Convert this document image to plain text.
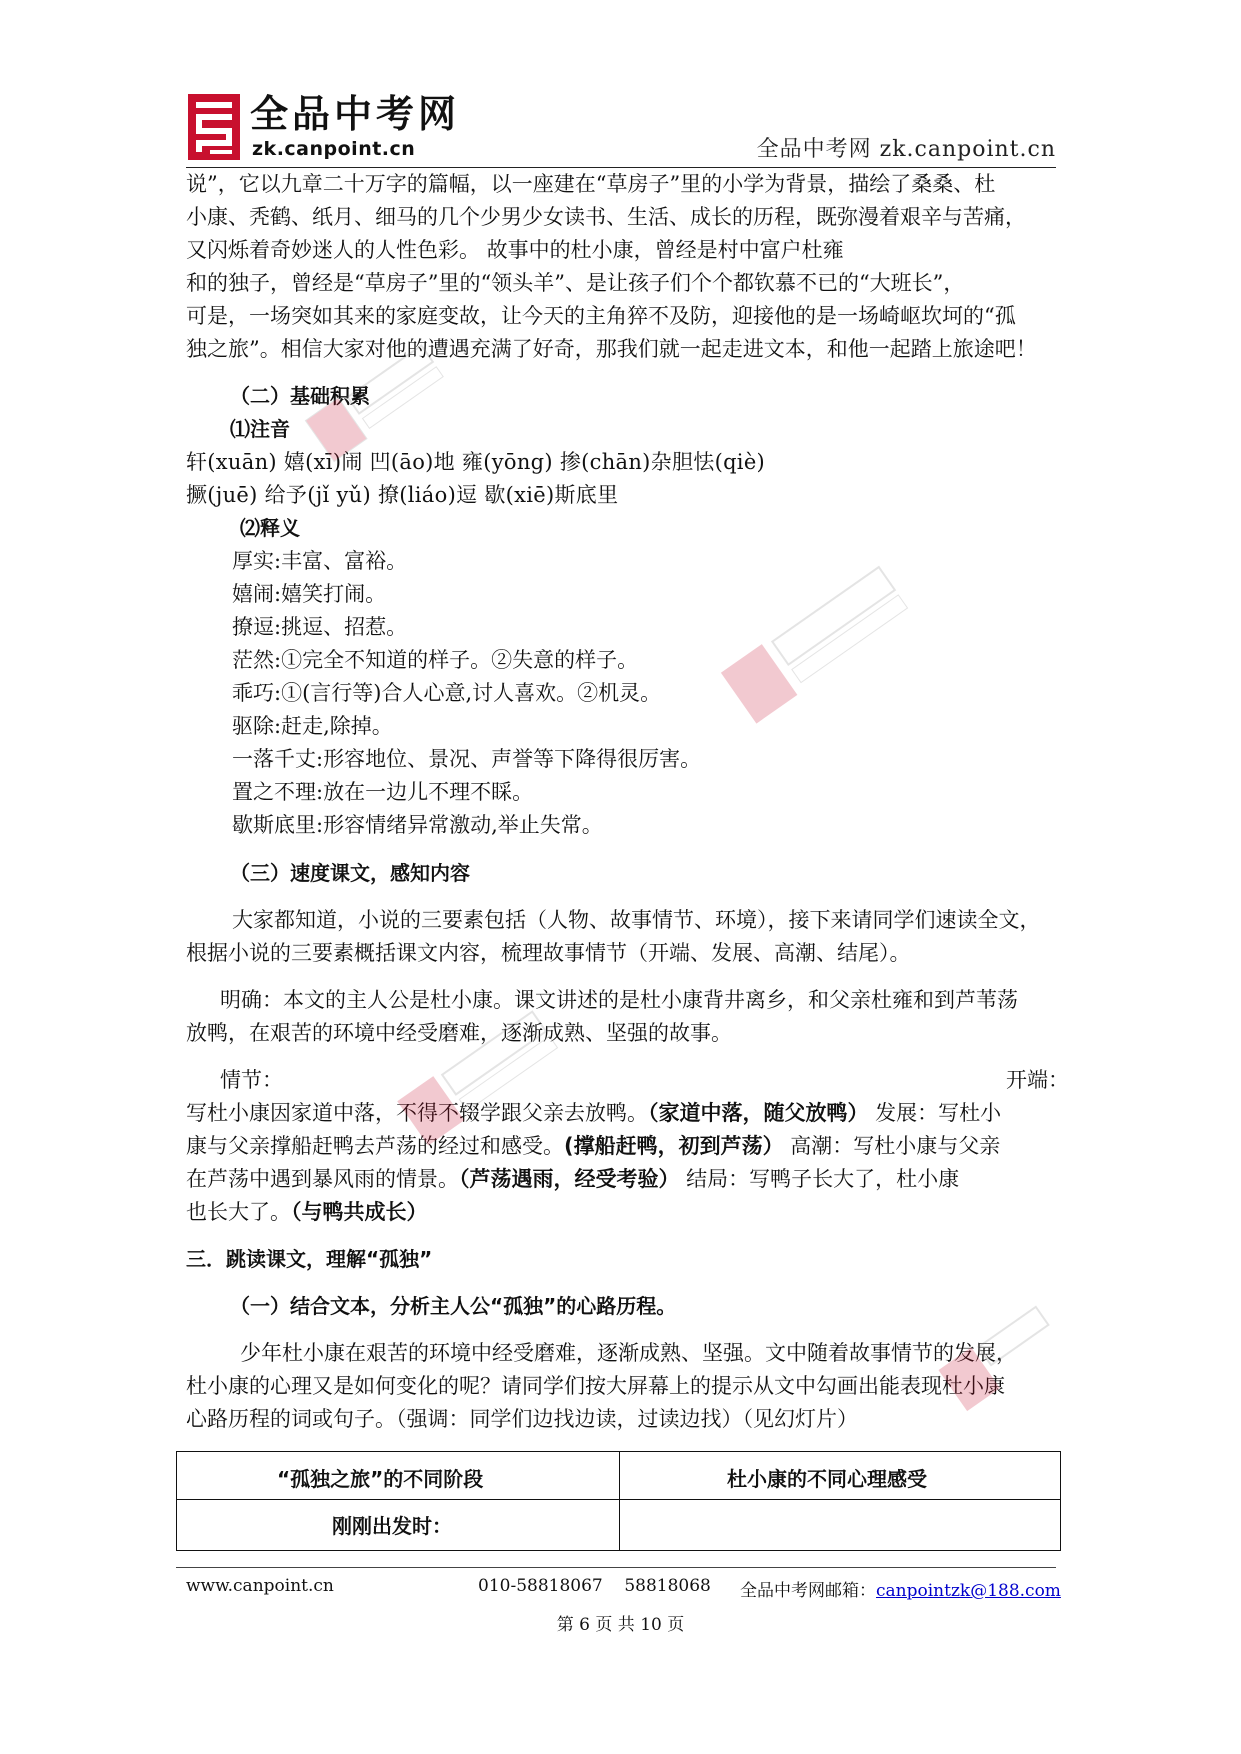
全品中考网
zk.canpoint.cn	全品中考网 zk.canpoint.cn
说”，它以九章二十万字的篇幅，以一座建在“草房子”里的小学为背景，描绘了桑桑、杜
小康、秃鹤、纸月、细马的几个少男少女读书、生活、成长的历程，既弥漫着艰辛与苦痛，
又闪烁着奇妙迷人的人性色彩。 故事中的杜小康，曾经是村中富户杜雍
和的独子，曾经是“草房子”里的“领头羊”、是让孩子们个个都钦慕不已的“大班长”，
可是，一场突如其来的家庭变故，让今天的主角猝不及防，迎接他的是一场崎岖坎坷的“孤
独之旅”。相信大家对他的遭遇充满了好奇，那我们就一起走进文本，和他一起踏上旅途吧！
（二）基础积累
⑴注音
轩(xuān) 嬉(xī)闹 凹(āo)地 雍(yōng) 掺(chān)杂胆怯(qiè)
撅(juē) 给予(jǐ yǔ) 撩(liáo)逗 歇(xiē)斯底里
⑵释义
厚实:丰富、富裕。
嬉闹:嬉笑打闹。
撩逗:挑逗、招惹。
茫然:①完全不知道的样子。②失意的样子。
乖巧:①(言行等)合人心意,讨人喜欢。②机灵。
驱除:赶走,除掉。
一落千丈:形容地位、景况、声誉等下降得很厉害。
置之不理:放在一边儿不理不睬。
歇斯底里:形容情绪异常激动,举止失常。
（三）速度课文，感知内容
大家都知道，小说的三要素包括（人物、故事情节、环境），接下来请同学们速读全文，
根据小说的三要素概括课文内容，梳理故事情节（开端、发展、高潮、结尾）。
明确：本文的主人公是杜小康。课文讲述的是杜小康背井离乡，和父亲杜雍和到芦苇荡
放鸭，在艰苦的环境中经受磨难，逐渐成熟、坚强的故事。
情节：	开端：
写杜小康因家道中落，不得不辍学跟父亲去放鸭。（家道中落，随父放鸭） 发展：写杜小
康与父亲撑船赶鸭去芦荡的经过和感受。(撑船赶鸭，初到芦荡） 高潮：写杜小康与父亲
在芦荡中遇到暴风雨的情景。（芦荡遇雨，经受考验） 结局：写鸭子长大了，杜小康
也长大了。（与鸭共成长）
三．跳读课文，理解“孤独”
（一）结合文本，分析主人公“孤独”的心路历程。
少年杜小康在艰苦的环境中经受磨难，逐渐成熟、坚强。文中随着故事情节的发展，
杜小康的心理又是如何变化的呢？请同学们按大屏幕上的提示从文中勾画出能表现杜小康
心路历程的词或句子。（强调：同学们边找边读，过读边找）（见幻灯片）
“孤独之旅”的不同阶段	杜小康的不同心理感受
刚刚出发时：
www.canpoint.cn	010-58818067    58818068 全品中考网邮箱：canpointzk@188.com
第 6 页 共 10 页
